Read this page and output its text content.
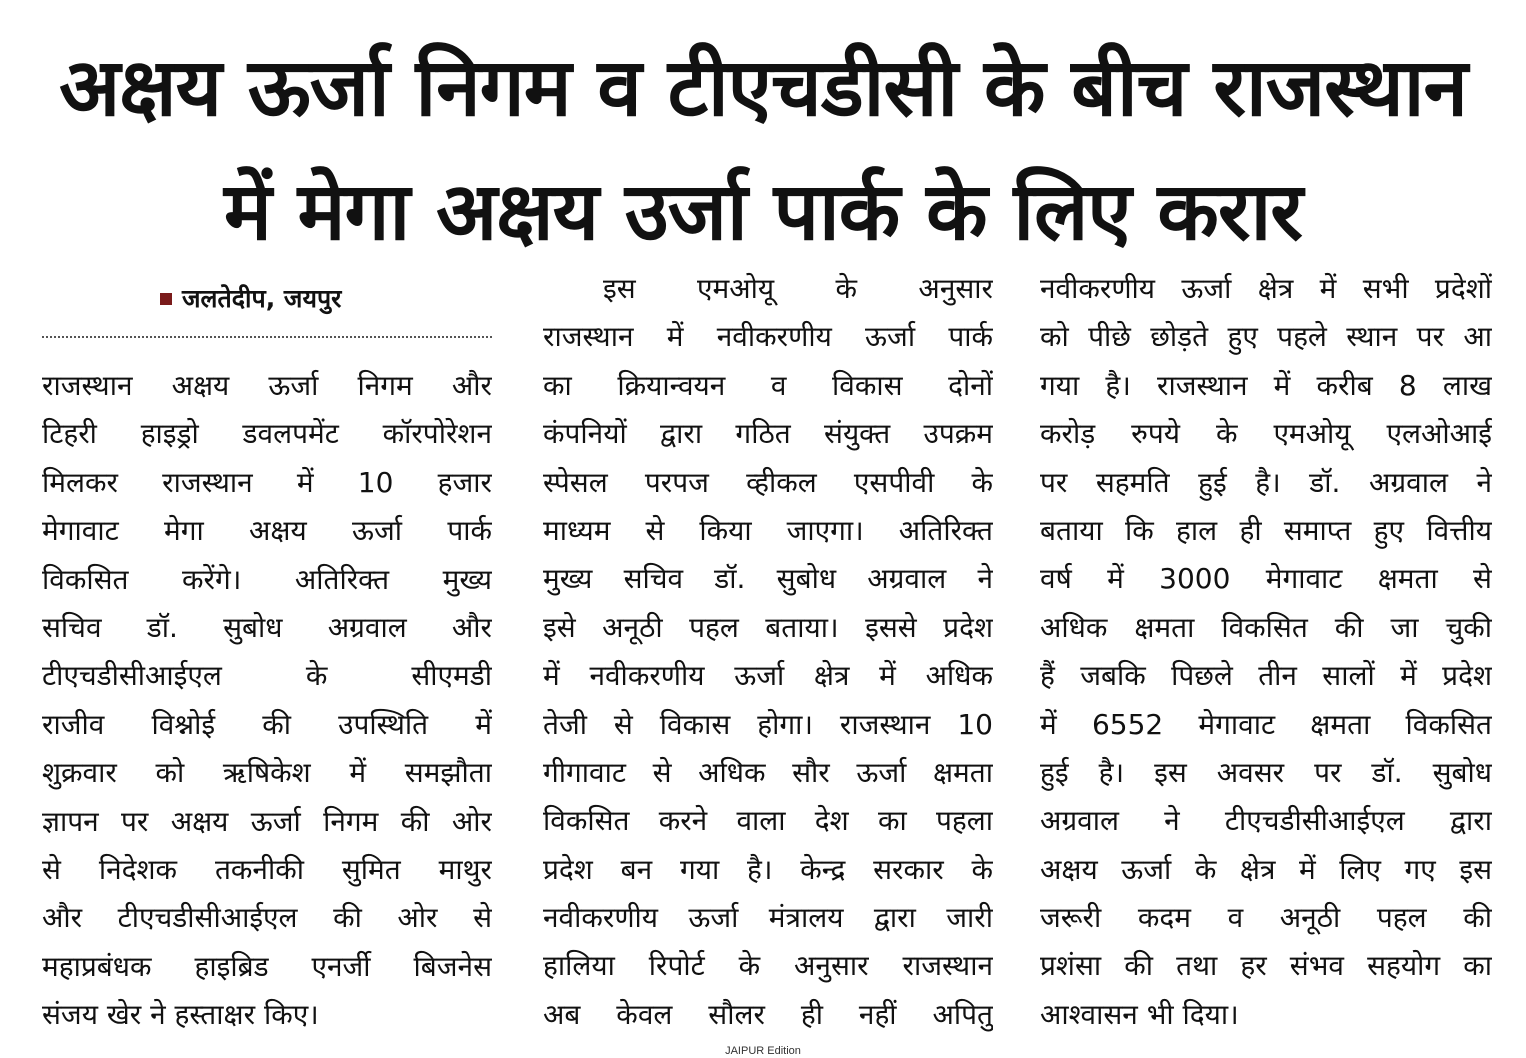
अक्षय ऊर्जा निगम व टीएचडीसी के बीच राजस्थान
में मेगा अक्षय उर्जा पार्क के लिए करार
जलतेदीप, जयपुर
राजस्थान अक्षय ऊर्जा निगम और
टिहरी हाइड्रो डवलपमेंट कॉरपोरेशन
मिलकर राजस्थान में 10 हजार
मेगावाट मेगा अक्षय ऊर्जा पार्क
विकसित करेंगे। अतिरिक्त मुख्य
सचिव डॉ. सुबोध अग्रवाल और
टीएचडीसीआईएल के सीएमडी
राजीव विश्नोई की उपस्थिति में
शुक्रवार को ऋषिकेश में समझौता
ज्ञापन पर अक्षय ऊर्जा निगम की ओर
से निदेशक तकनीकी सुमित माथुर
और टीएचडीसीआईएल की ओर से
महाप्रबंधक हाइब्रिड एनर्जी बिजनेस
संजय खेर ने हस्ताक्षर किए।
इस एमओयू के अनुसार
राजस्थान में नवीकरणीय ऊर्जा पार्क
का क्रियान्वयन व विकास दोनों
कंपनियों द्वारा गठित संयुक्त उपक्रम
स्पेसल परपज व्हीकल एसपीवी के
माध्यम से किया जाएगा। अतिरिक्त
मुख्य सचिव डॉ. सुबोध अग्रवाल ने
इसे अनूठी पहल बताया। इससे प्रदेश
में नवीकरणीय ऊर्जा क्षेत्र में अधिक
तेजी से विकास होगा। राजस्थान 10
गीगावाट से अधिक सौर ऊर्जा क्षमता
विकसित करने वाला देश का पहला
प्रदेश बन गया है। केन्द्र सरकार के
नवीकरणीय ऊर्जा मंत्रालय द्वारा जारी
हालिया रिपोर्ट के अनुसार राजस्थान
अब केवल सौलर ही नहीं अपितु
नवीकरणीय ऊर्जा क्षेत्र में सभी प्रदेशों
को पीछे छोड़ते हुए पहले स्थान पर आ
गया है। राजस्थान में करीब 8 लाख
करोड़ रुपये के एमओयू एलओआई
पर सहमति हुई है। डॉ. अग्रवाल ने
बताया कि हाल ही समाप्त हुए वित्तीय
वर्ष में 3000 मेगावाट क्षमता से
अधिक क्षमता विकसित की जा चुकी
हैं जबकि पिछले तीन सालों में प्रदेश
में 6552 मेगावाट क्षमता विकसित
हुई है। इस अवसर पर डॉ. सुबोध
अग्रवाल ने टीएचडीसीआईएल द्वारा
अक्षय ऊर्जा के क्षेत्र में लिए गए इस
जरूरी कदम व अनूठी पहल की
प्रशंसा की तथा हर संभव सहयोग का
आश्वासन भी दिया।
JAIPUR Edition
